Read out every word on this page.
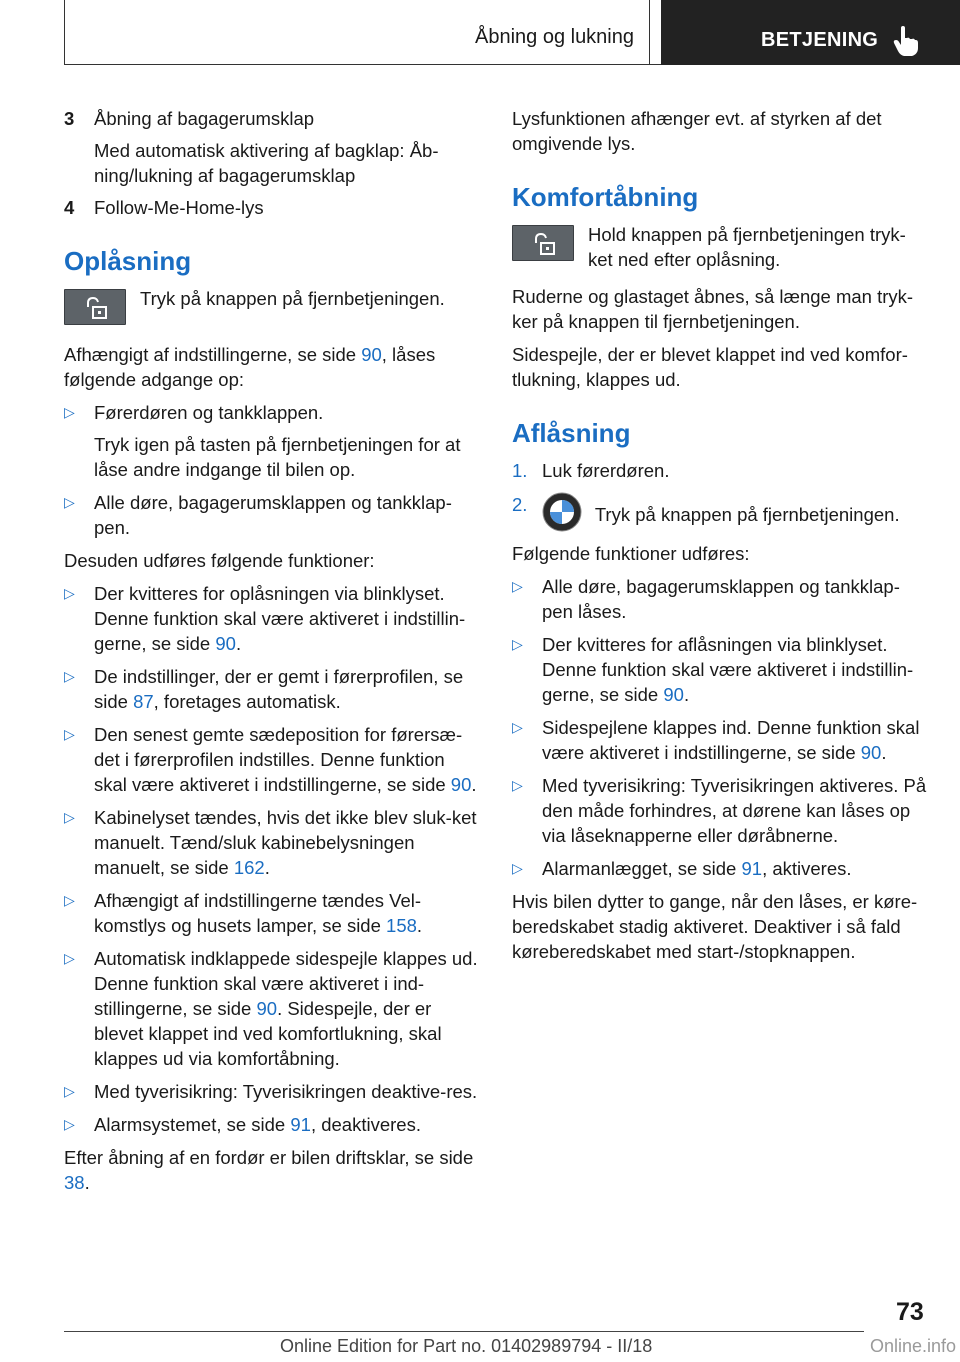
Åbning og lukning	BETJENING
3 Åbning af bagagerumsklap
Med automatisk aktivering af bagklap: Åb‐ning/lukning af bagagerumsklap
4 Follow-Me-Home-lys
Oplåsning
Tryk på knappen på fjernbetjeningen.

Afhængigt af indstillingerne, se side 90, låses følgende adgange op:

▷ Førerdøren og tankklappen.
Tryk igen på tasten på fjernbetjeningen for at låse andre indgange til bilen op.
▷ Alle døre, bagagerumsklappen og tankklap‐pen.

Desuden udføres følgende funktioner:

▷ Der kvitteres for oplåsningen via blinklyset. Denne funktion skal være aktiveret i indstillin‐gerne, se side 90.
▷ De indstillinger, der er gemt i førerprofilen, se side 87, foretages automatisk.
▷ Den senest gemte sædeposition for førersæ‐det i førerprofilen indstilles. Denne funktion skal være aktiveret i indstillingerne, se side 90.
▷ Kabinelyset tændes, hvis det ikke blev sluk‐ket manuelt. Tænd/sluk kabinebelysningen manuelt, se side 162.
▷ Afhængigt af indstillingerne tændes Vel‐komstlys og husets lamper, se side 158.
▷ Automatisk indklappede sidespejle klappes ud. Denne funktion skal være aktiveret i ind‐stillingerne, se side 90. Sidespejle, der er blevet klappet ind ved komfortlukning, skal klappes ud via komfortåbning.
▷ Med tyverisikring: Tyverisikringen deaktive‐res.
▷ Alarmsystemet, se side 91, deaktiveres.

Efter åbning af en fordør er bilen driftsklar, se side 38.

Lysfunktionen afhænger evt. af styrken af det omgivende lys.

Komfortåbning
Hold knappen på fjernbetjeningen tryk‐ket ned efter oplåsning.

Ruderne og glastaget åbnes, så længe man tryk‐ker på knappen til fjernbetjeningen.

Sidespejle, der er blevet klappet ind ved komfor‐tlukning, klappes ud.

Aflåsning
1. Luk førerdøren.
2.	Tryk på knappen på fjernbetjeningen.

Følgende funktioner udføres:

▷ Alle døre, bagagerumsklappen og tankklap‐pen låses.
▷ Der kvitteres for aflåsningen via blinklyset. Denne funktion skal være aktiveret i indstillin‐gerne, se side 90.
▷ Sidespejlene klappes ind. Denne funktion skal være aktiveret i indstillingerne, se side 90.
▷ Med tyverisikring: Tyverisikringen aktiveres. På den måde forhindres, at dørene kan låses op via låseknapperne eller døråbnerne.
▷ Alarmanlægget, se side 91, aktiveres.

Hvis bilen dytter to gange, når den låses, er køre‐beredskabet stadig aktiveret. Deaktiver i så fald køreberedskabet med start-/stopknappen.

73
Online Edition for Part no. 01402989794 - II/18	Online.info
